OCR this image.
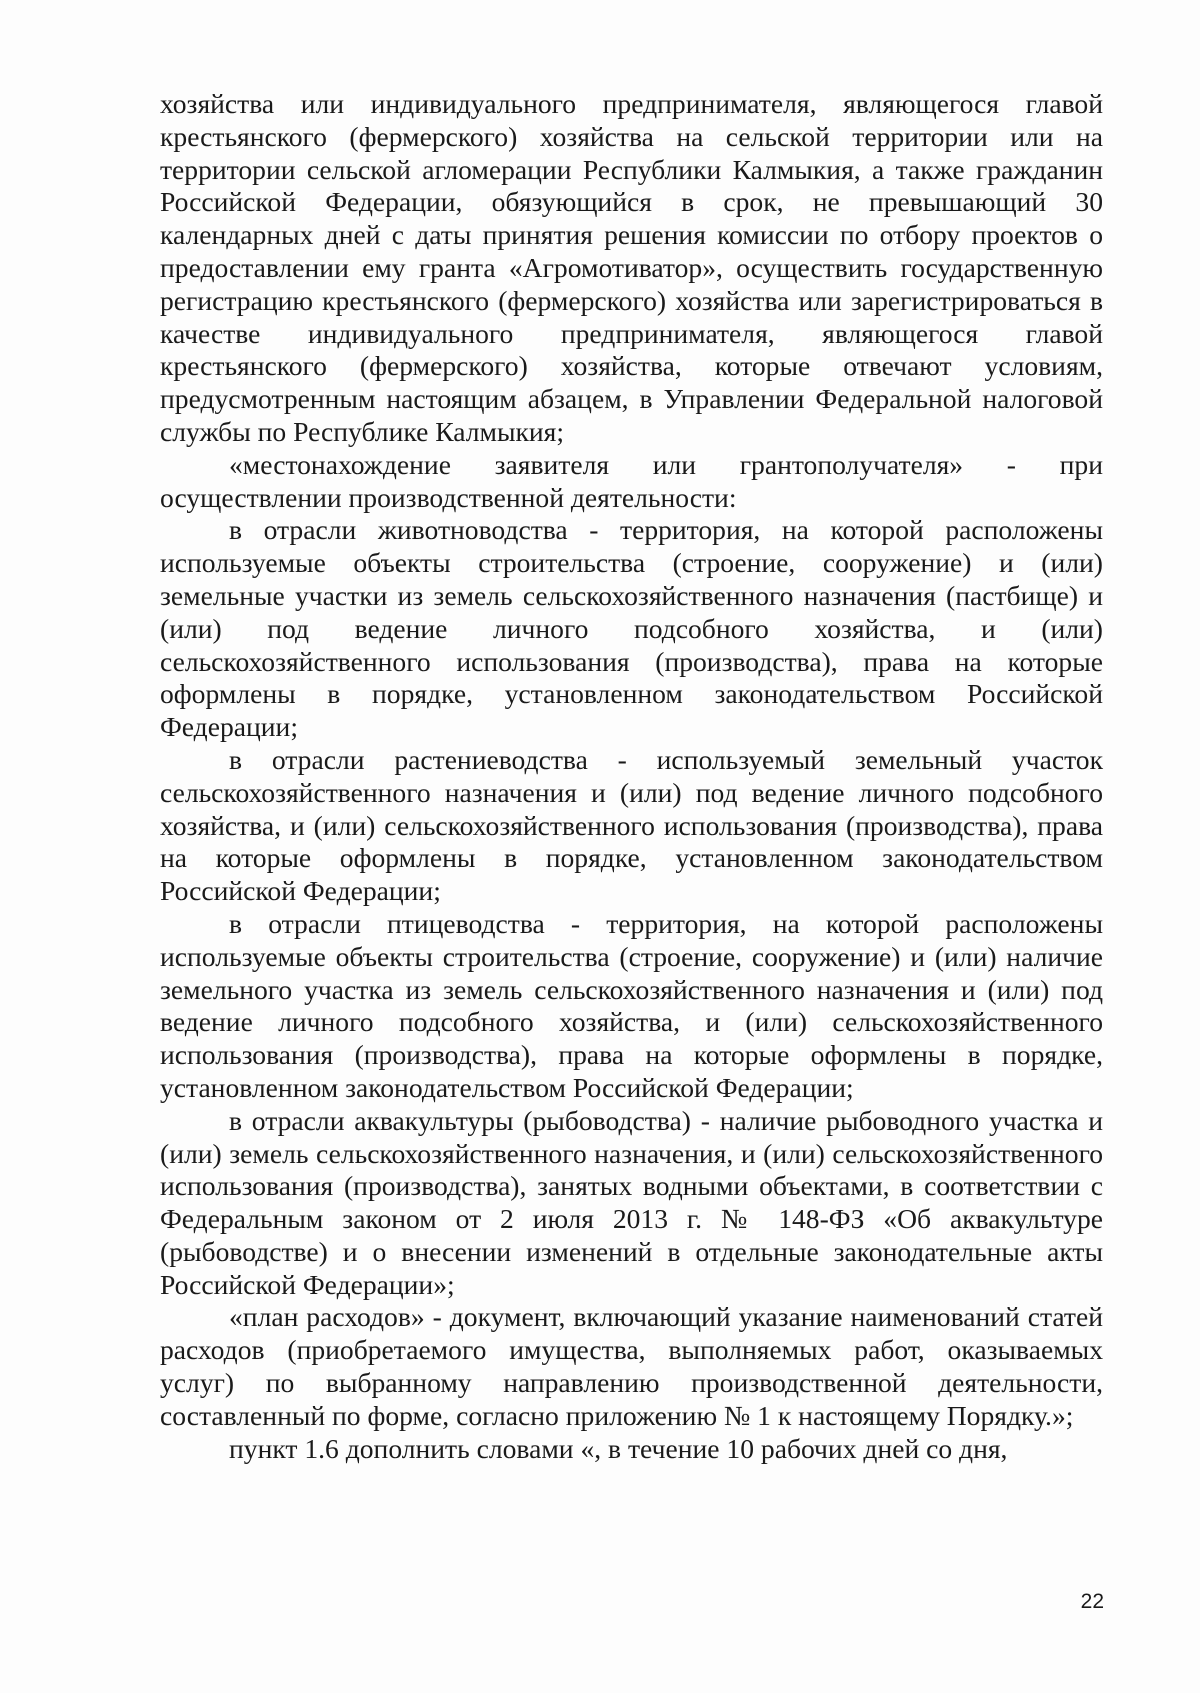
хозяйства или индивидуального предпринимателя, являющегося главой крестьянского (фермерского) хозяйства на сельской территории или на территории сельской агломерации Республики Калмыкия, а также гражданин Российской Федерации, обязующийся в срок, не превышающий 30 календарных дней с даты принятия решения комиссии по отбору проектов о предоставлении ему гранта «Агромотиватор», осуществить государственную регистрацию крестьянского (фермерского) хозяйства или зарегистрироваться в качестве индивидуального предпринимателя, являющегося главой крестьянского (фермерского) хозяйства, которые отвечают условиям, предусмотренным настоящим абзацем, в Управлении Федеральной налоговой службы по Республике Калмыкия;

«местонахождение заявителя или грантополучателя» - при осуществлении производственной деятельности:

в отрасли животноводства - территория, на которой расположены используемые объекты строительства (строение, сооружение) и (или) земельные участки из земель сельскохозяйственного назначения (пастбище) и (или) под ведение личного подсобного хозяйства, и (или) сельскохозяйственного использования (производства), права на которые оформлены в порядке, установленном законодательством Российской Федерации;

в отрасли растениеводства - используемый земельный участок сельскохозяйственного назначения и (или) под ведение личного подсобного хозяйства, и (или) сельскохозяйственного использования (производства), права на которые оформлены в порядке, установленном законодательством Российской Федерации;

в отрасли птицеводства - территория, на которой расположены используемые объекты строительства (строение, сооружение) и (или) наличие земельного участка из земель сельскохозяйственного назначения и (или) под ведение личного подсобного хозяйства, и (или) сельскохозяйственного использования (производства), права на которые оформлены в порядке, установленном законодательством Российской Федерации;

в отрасли аквакультуры (рыбоводства) - наличие рыбоводного участка и (или) земель сельскохозяйственного назначения, и (или) сельскохозяйственного использования (производства), занятых водными объектами, в соответствии с Федеральным законом от 2 июля 2013 г. № 148-ФЗ «Об аквакультуре (рыбоводстве) и о внесении изменений в отдельные законодательные акты Российской Федерации»;

«план расходов» - документ, включающий указание наименований статей расходов (приобретаемого имущества, выполняемых работ, оказываемых услуг) по выбранному направлению производственной деятельности, составленный по форме, согласно приложению № 1 к настоящему Порядку.»;

пункт 1.6 дополнить словами «, в течение 10 рабочих дней со дня,

22
